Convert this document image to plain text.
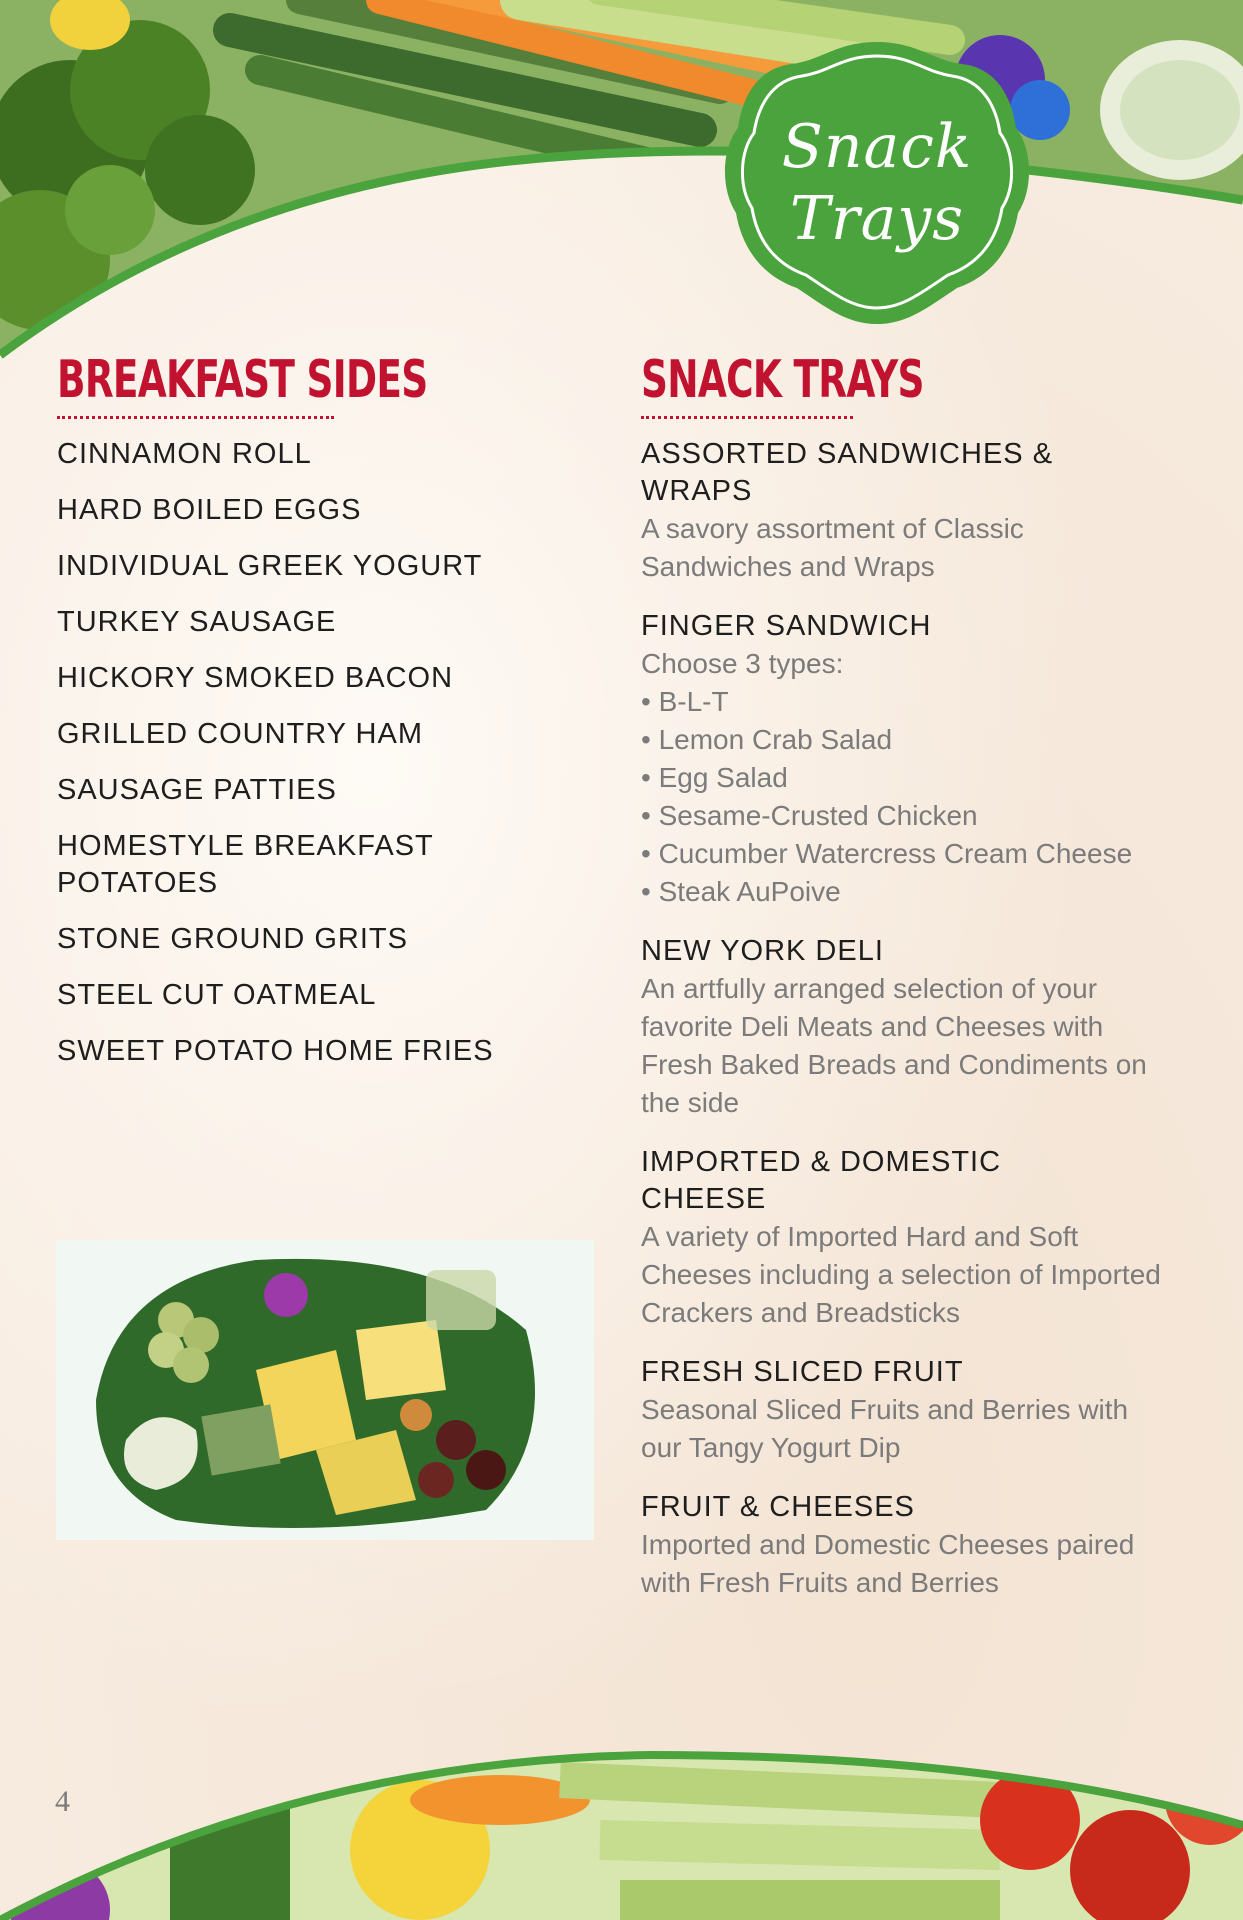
Snack
Trays
BREAKFAST SIDES
CINNAMON ROLL
HARD BOILED EGGS
INDIVIDUAL GREEK YOGURT
TURKEY SAUSAGE
HICKORY SMOKED BACON
GRILLED COUNTRY HAM
SAUSAGE PATTIES
HOMESTYLE BREAKFAST POTATOES
STONE GROUND GRITS
STEEL CUT OATMEAL
SWEET POTATO HOME FRIES
SNACK TRAYS
ASSORTED SANDWICHES & WRAPS
A savory assortment of Classic Sandwiches and Wraps
FINGER SANDWICH
Choose 3 types:
• B-L-T
• Lemon Crab Salad
• Egg Salad
• Sesame-Crusted Chicken
• Cucumber Watercress Cream Cheese
• Steak AuPoive
NEW YORK DELI
An artfully arranged selection of your favorite Deli Meats and Cheeses with Fresh Baked Breads and Condiments on the side
IMPORTED & DOMESTIC CHEESE
A variety of Imported Hard and Soft Cheeses including a selection of Imported Crackers and Breadsticks
FRESH SLICED FRUIT
Seasonal Sliced Fruits and Berries with our Tangy Yogurt Dip
FRUIT & CHEESES
Imported and Domestic Cheeses paired with Fresh Fruits and Berries
4
